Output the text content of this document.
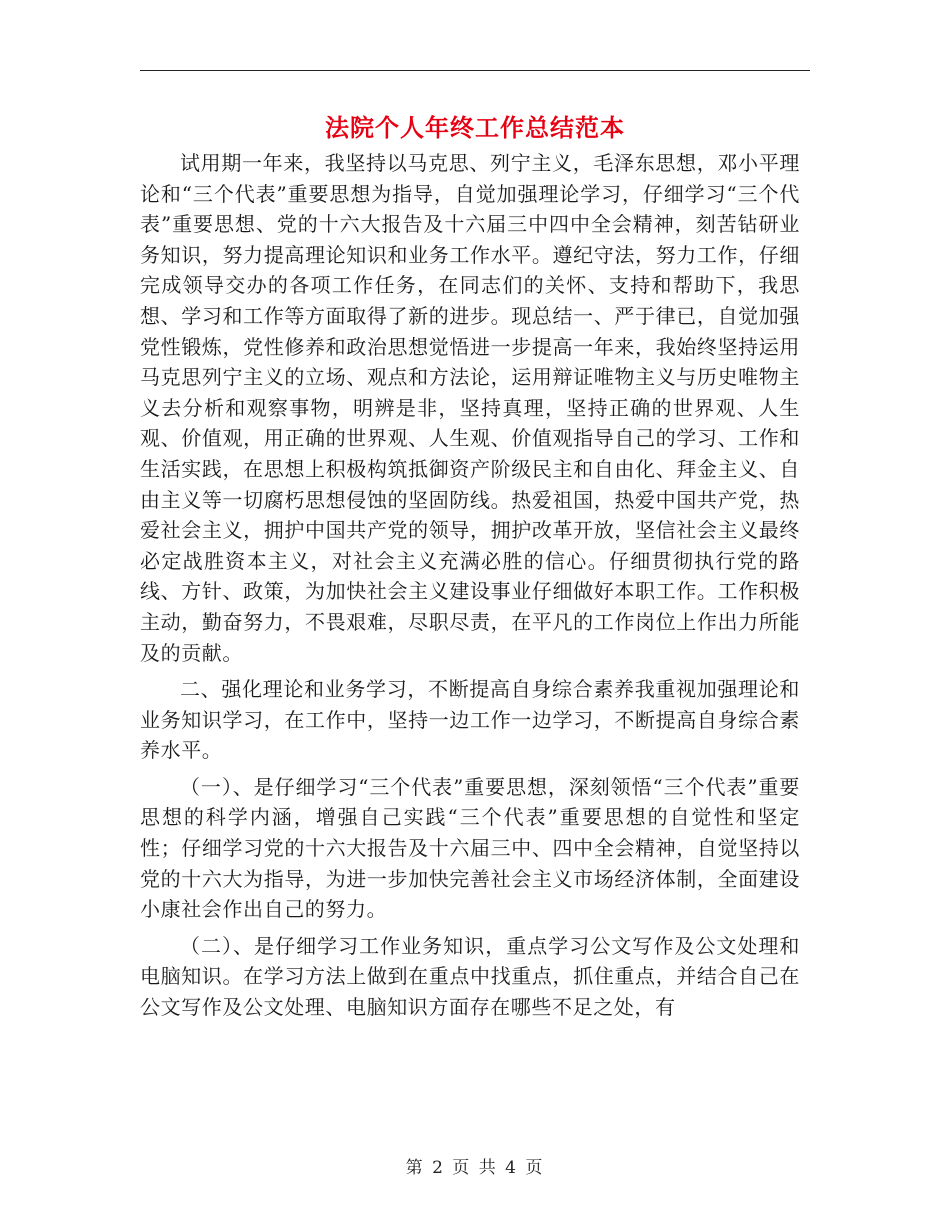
法院个人年终工作总结范本

试用期一年来，我坚持以马克思、列宁主义，毛泽东思想，邓小平理论和“三个代表”重要思想为指导，自觉加强理论学习，仔细学习“三个代表”重要思想、党的十六大报告及十六届三中四中全会精神，刻苦钻研业务知识，努力提高理论知识和业务工作水平。遵纪守法，努力工作，仔细完成领导交办的各项工作任务，在同志们的关怀、支持和帮助下，我思想、学习和工作等方面取得了新的进步。现总结一、严于律已，自觉加强党性锻炼，党性修养和政治思想觉悟进一步提高一年来，我始终坚持运用马克思列宁主义的立场、观点和方法论，运用辩证唯物主义与历史唯物主义去分析和观察事物，明辨是非，坚持真理，坚持正确的世界观、人生观、价值观，用正确的世界观、人生观、价值观指导自己的学习、工作和生活实践，在思想上积极构筑抵御资产阶级民主和自由化、拜金主义、自由主义等一切腐朽思想侵蚀的坚固防线。热爱祖国，热爱中国共产党，热爱社会主义，拥护中国共产党的领导，拥护改革开放，坚信社会主义最终必定战胜资本主义，对社会主义充满必胜的信心。仔细贯彻执行党的路线、方针、政策，为加快社会主义建设事业仔细做好本职工作。工作积极主动，勤奋努力，不畏艰难，尽职尽责，在平凡的工作岗位上作出力所能及的贡献。

二、强化理论和业务学习，不断提高自身综合素养我重视加强理论和业务知识学习，在工作中，坚持一边工作一边学习，不断提高自身综合素养水平。

（一）、是仔细学习“三个代表”重要思想，深刻领悟“三个代表”重要思想的科学内涵，增强自己实践“三个代表”重要思想的自觉性和坚定性；仔细学习党的十六大报告及十六届三中、四中全会精神，自觉坚持以党的十六大为指导，为进一步加快完善社会主义市场经济体制，全面建设小康社会作出自己的努力。

（二）、是仔细学习工作业务知识，重点学习公文写作及公文处理和电脑知识。在学习方法上做到在重点中找重点，抓住重点，并结合自己在公文写作及公文处理、电脑知识方面存在哪些不足之处，有

第 2 页 共 4 页
